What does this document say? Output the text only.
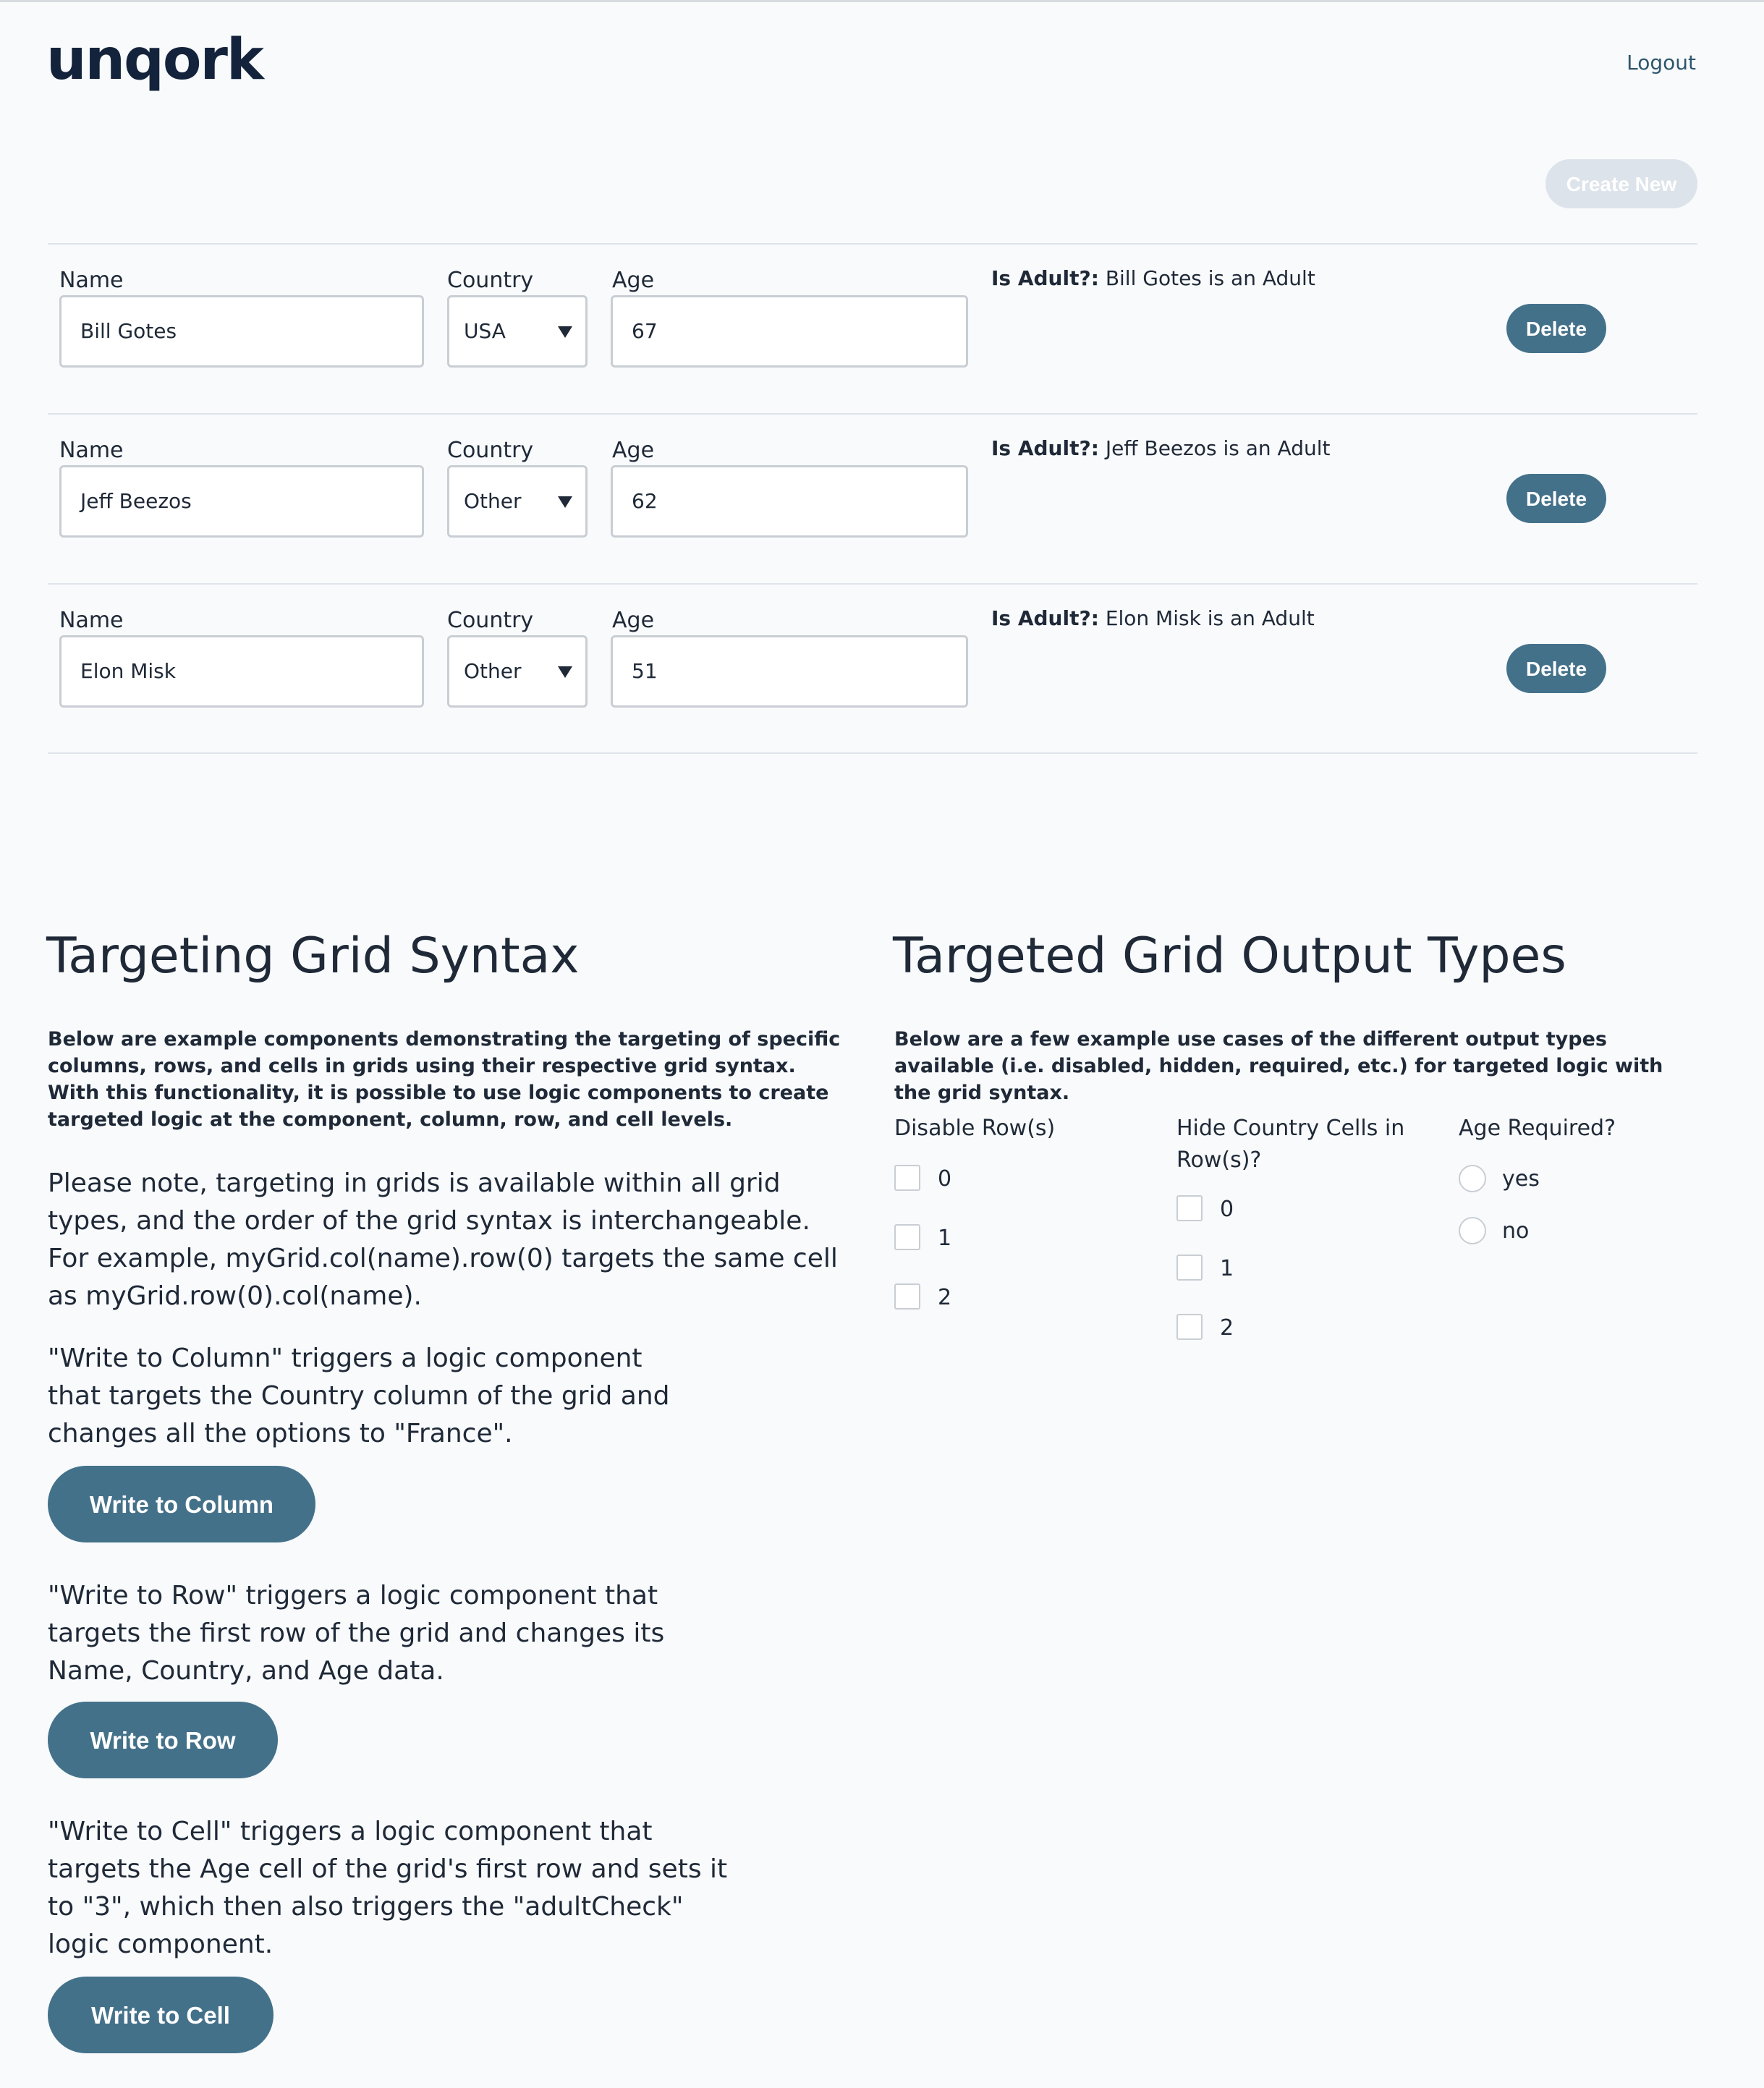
unqork	Logout
Create New
Name	Country	Age
Bill Gotes	USA	67
Is Adult?: Bill Gotes is an Adult
Delete
Name	Country	Age
Jeff Beezos	Other	62
Is Adult?: Jeff Beezos is an Adult
Delete
Name	Country	Age
Elon Misk	Other	51
Is Adult?: Elon Misk is an Adult
Delete
Targeting Grid Syntax
Below are example components demonstrating the targeting of specific columns, rows, and cells in grids using their respective grid syntax. With this functionality, it is possible to use logic components to create targeted logic at the component, column, row, and cell levels.
Please note, targeting in grids is available within all grid types, and the order of the grid syntax is interchangeable. For example, myGrid.col(name).row(0) targets the same cell as myGrid.row(0).col(name).
"Write to Column" triggers a logic component that targets the Country column of the grid and changes all the options to "France".
Write to Column
"Write to Row" triggers a logic component that targets the first row of the grid and changes its Name, Country, and Age data.
Write to Row
"Write to Cell" triggers a logic component that targets the Age cell of the grid's first row and sets it to "3", which then also triggers the "adultCheck" logic component.
Write to Cell
Targeted Grid Output Types
Below are a few example use cases of the different output types available (i.e. disabled, hidden, required, etc.) for targeted logic with the grid syntax.
Disable Row(s)
0
1
2
Hide Country Cells in Row(s)?
0
1
2
Age Required?
yes
no
